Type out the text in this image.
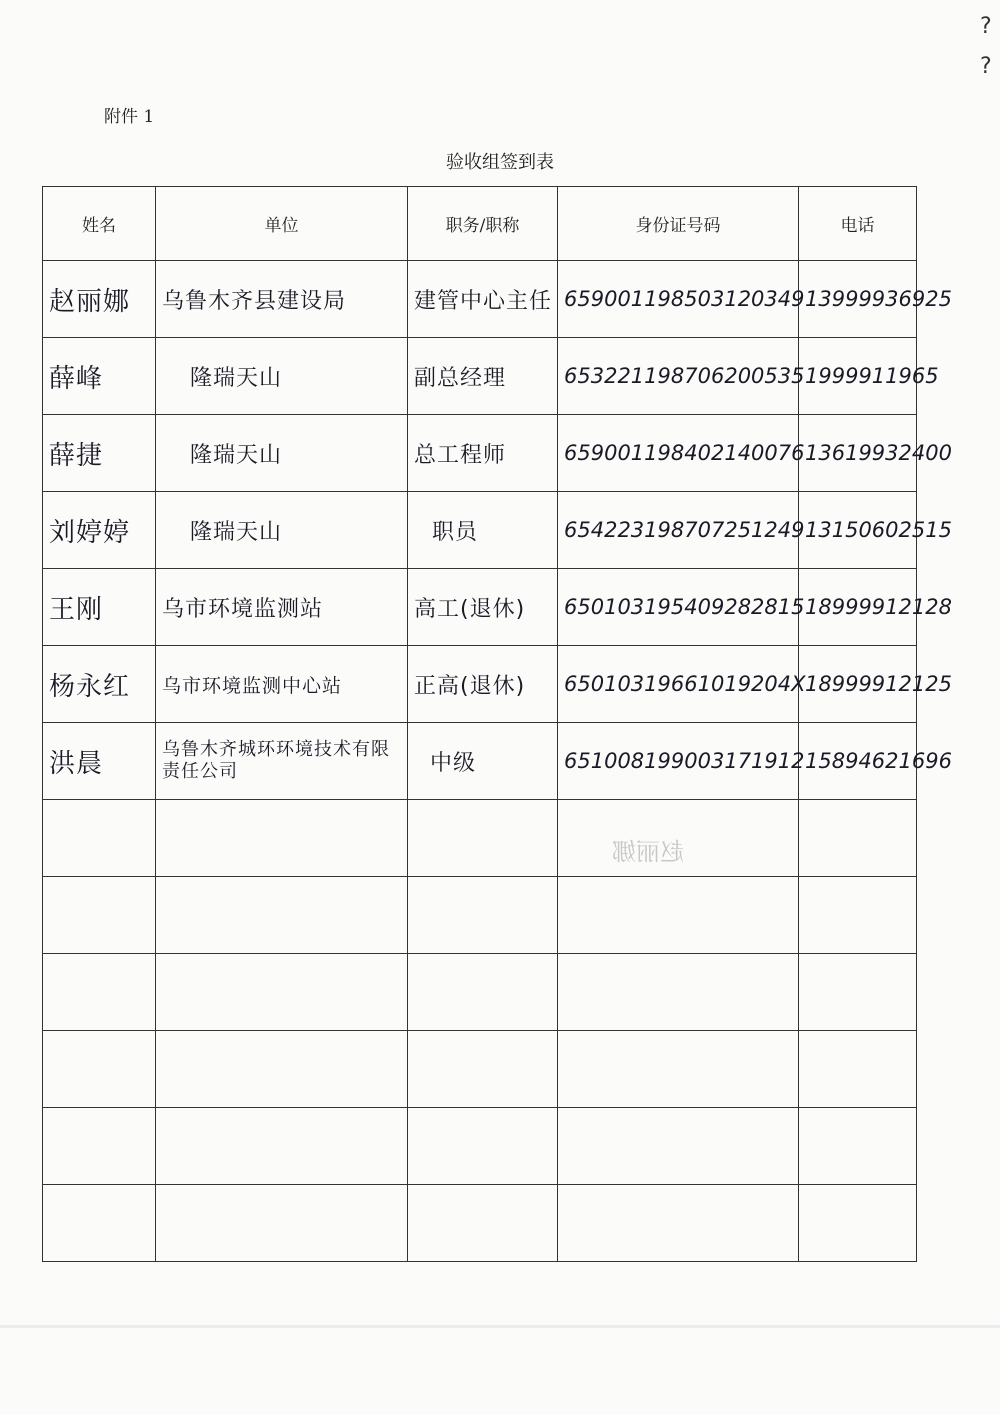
附件 1
验收组签到表
?
?
姓名	单位	职务/职称	身份证号码	电话

赵丽娜	乌鲁木齐县建设局	建管中心主任	659001198503120349	13999936925

薛峰	隆瑞天山	副总经理	653221198706200535	1999911965

薛捷	隆瑞天山	总工程师	659001198402140076	13619932400

刘婷婷	隆瑞天山	职员	654223198707251249	13150602515

王刚	乌市环境监测站	高工(退休)	650103195409282815	18999912128

杨永红	乌市环境监测中心站	正高(退休)	65010319661019204X	18999912125

洪晨	乌鲁木齐城环环境技术有限责任公司	中级	651008199003171912	15894621696

赵丽娜
